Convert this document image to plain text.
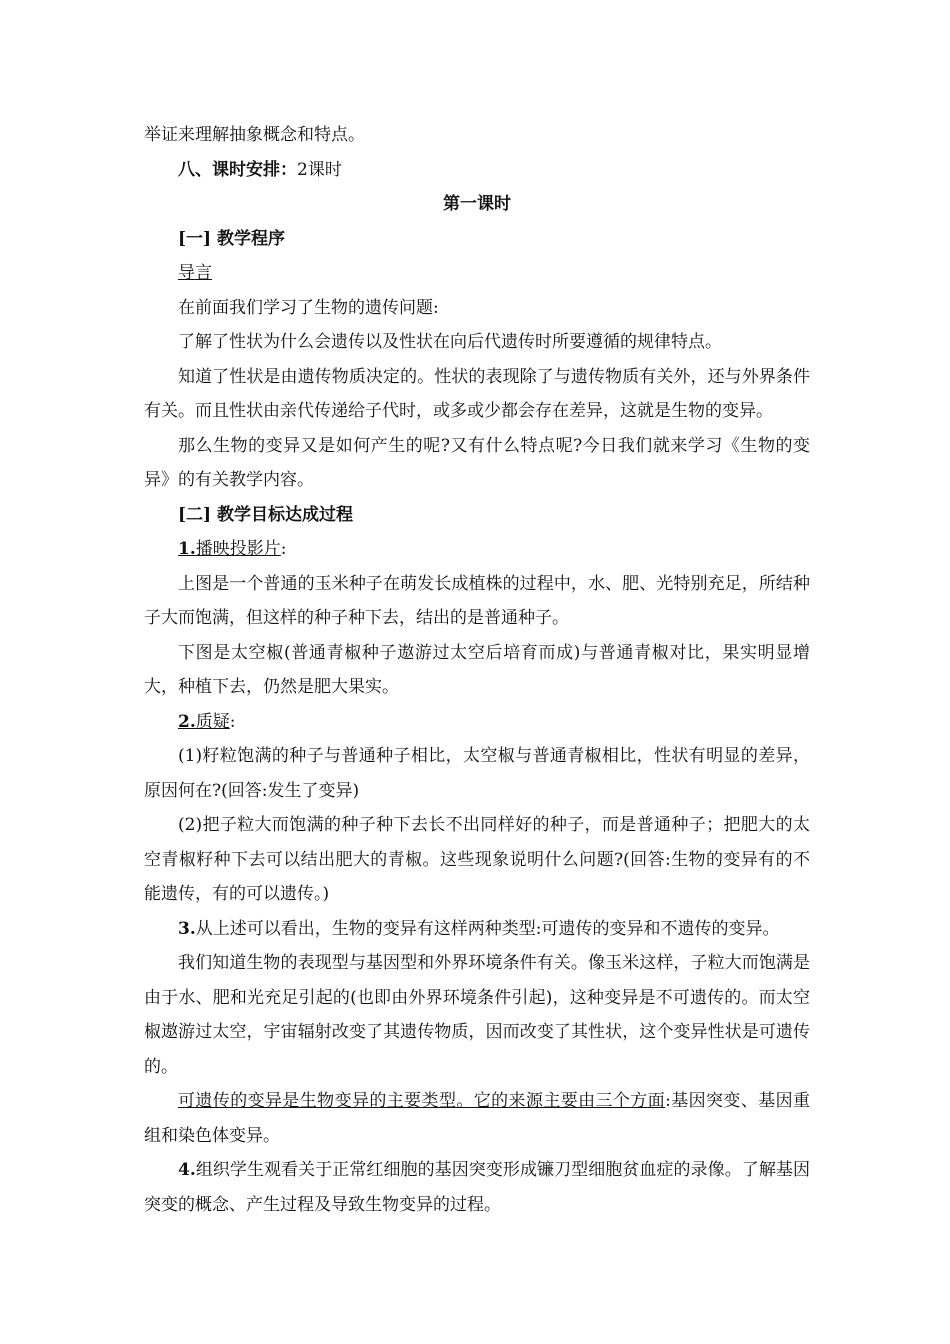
举证来理解抽象概念和特点。

八、课时安排：2课时

第一课时

[一] 教学程序

导言

在前面我们学习了生物的遗传问题:

了解了性状为什么会遗传以及性状在向后代遗传时所要遵循的规律特点。

知道了性状是由遗传物质决定的。性状的表现除了与遗传物质有关外，还与外界条件有关。而且性状由亲代传递给子代时，或多或少都会存在差异，这就是生物的变异。

那么生物的变异又是如何产生的呢?又有什么特点呢?今日我们就来学习《生物的变异》的有关教学内容。

[二] 教学目标达成过程

1.播映投影片:

上图是一个普通的玉米种子在萌发长成植株的过程中，水、肥、光特别充足，所结种子大而饱满，但这样的种子种下去，结出的是普通种子。

下图是太空椒(普通青椒种子遨游过太空后培育而成)与普通青椒对比，果实明显增大，种植下去，仍然是肥大果实。

2.质疑:

(1)籽粒饱满的种子与普通种子相比，太空椒与普通青椒相比，性状有明显的差异，原因何在?(回答:发生了变异)

(2)把子粒大而饱满的种子种下去长不出同样好的种子，而是普通种子；把肥大的太空青椒籽种下去可以结出肥大的青椒。这些现象说明什么问题?(回答:生物的变异有的不能遗传，有的可以遗传。)

3.从上述可以看出，生物的变异有这样两种类型:可遗传的变异和不遗传的变异。

我们知道生物的表现型与基因型和外界环境条件有关。像玉米这样，子粒大而饱满是由于水、肥和光充足引起的(也即由外界环境条件引起)，这种变异是不可遗传的。而太空椒遨游过太空，宇宙辐射改变了其遗传物质，因而改变了其性状，这个变异性状是可遗传的。

可遗传的变异是生物变异的主要类型。它的来源主要由三个方面:基因突变、基因重组和染色体变异。

4.组织学生观看关于正常红细胞的基因突变形成镰刀型细胞贫血症的录像。了解基因突变的概念、产生过程及导致生物变异的过程。
